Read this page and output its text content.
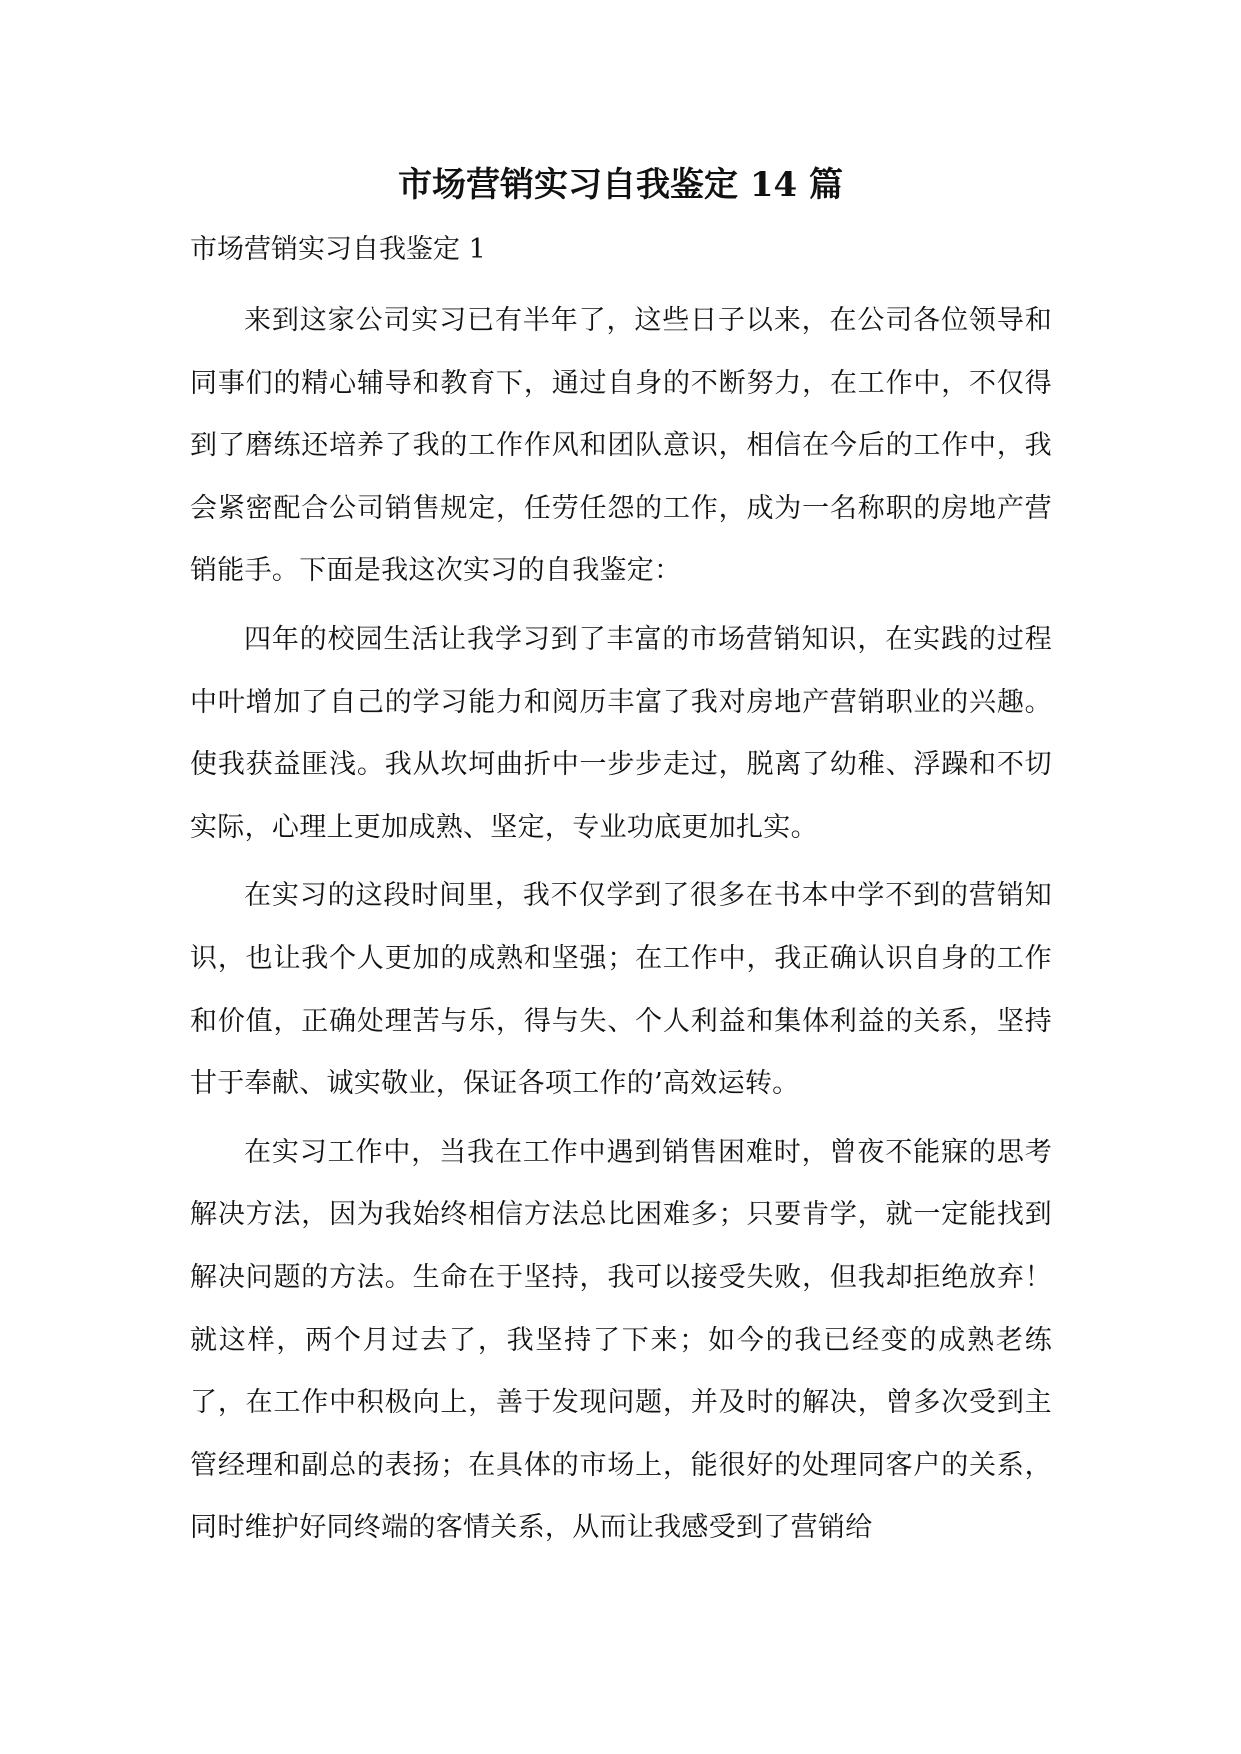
市场营销实习自我鉴定 14 篇

市场营销实习自我鉴定 1

来到这家公司实习已有半年了，这些日子以来，在公司各位领导和同事们的精心辅导和教育下，通过自身的不断努力，在工作中，不仅得到了磨练还培养了我的工作作风和团队意识，相信在今后的工作中，我会紧密配合公司销售规定，任劳任怨的工作，成为一名称职的房地产营销能手。下面是我这次实习的自我鉴定：

四年的校园生活让我学习到了丰富的市场营销知识，在实践的过程中叶增加了自己的学习能力和阅历丰富了我对房地产营销职业的兴趣。使我获益匪浅。我从坎坷曲折中一步步走过，脱离了幼稚、浮躁和不切实际，心理上更加成熟、坚定，专业功底更加扎实。

在实习的这段时间里，我不仅学到了很多在书本中学不到的营销知识，也让我个人更加的成熟和坚强；在工作中，我正确认识自身的工作和价值，正确处理苦与乐，得与失、个人利益和集体利益的关系，坚持甘于奉献、诚实敬业，保证各项工作的’高效运转。

在实习工作中，当我在工作中遇到销售困难时，曾夜不能寐的思考解决方法，因为我始终相信方法总比困难多；只要肯学，就一定能找到解决问题的方法。生命在于坚持，我可以接受失败，但我却拒绝放弃！就这样，两个月过去了，我坚持了下来；如今的我已经变的成熟老练了，在工作中积极向上，善于发现问题，并及时的解决，曾多次受到主管经理和副总的表扬；在具体的市场上，能很好的处理同客户的关系，同时维护好同终端的客情关系，从而让我感受到了营销给
